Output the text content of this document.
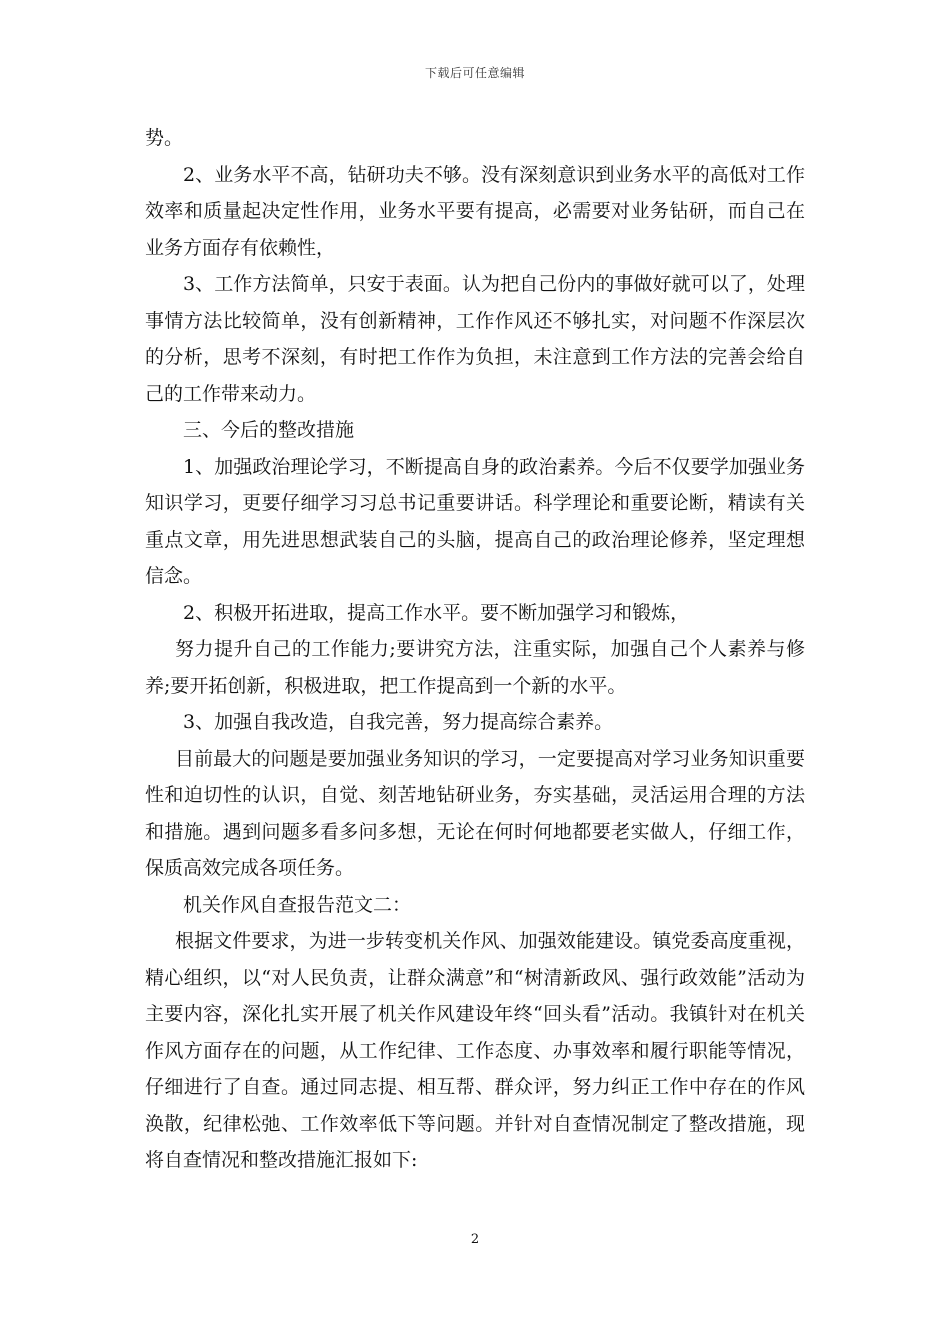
下载后可任意编辑

势。

2、业务水平不高，钻研功夫不够。没有深刻意识到业务水平的高低对工作效率和质量起决定性作用，业务水平要有提高，必需要对业务钻研，而自己在业务方面存有依赖性，

3、工作方法简单，只安于表面。认为把自己份内的事做好就可以了，处理事情方法比较简单，没有创新精神，工作作风还不够扎实，对问题不作深层次的分析，思考不深刻，有时把工作作为负担，未注意到工作方法的完善会给自己的工作带来动力。

三、今后的整改措施

1、加强政治理论学习，不断提高自身的政治素养。今后不仅要学加强业务知识学习，更要仔细学习习总书记重要讲话。科学理论和重要论断，精读有关重点文章，用先进思想武装自己的头脑，提高自己的政治理论修养，坚定理想信念。

2、积极开拓进取，提高工作水平。要不断加强学习和锻炼，

努力提升自己的工作能力;要讲究方法，注重实际，加强自己个人素养与修养;要开拓创新，积极进取，把工作提高到一个新的水平。

3、加强自我改造，自我完善，努力提高综合素养。

目前最大的问题是要加强业务知识的学习，一定要提高对学习业务知识重要性和迫切性的认识，自觉、刻苦地钻研业务，夯实基础，灵活运用合理的方法和措施。遇到问题多看多问多想，无论在何时何地都要老实做人，仔细工作，保质高效完成各项任务。

机关作风自查报告范文二：

根据文件要求，为进一步转变机关作风、加强效能建设。镇党委高度重视，精心组织，以“对人民负责，让群众满意”和“树清新政风、强行政效能”活动为主要内容，深化扎实开展了机关作风建设年终“回头看”活动。我镇针对在机关作风方面存在的问题，从工作纪律、工作态度、办事效率和履行职能等情况，仔细进行了自查。通过同志提、相互帮、群众评，努力纠正工作中存在的作风涣散，纪律松弛、工作效率低下等问题。并针对自查情况制定了整改措施，现将自查情况和整改措施汇报如下:

2
